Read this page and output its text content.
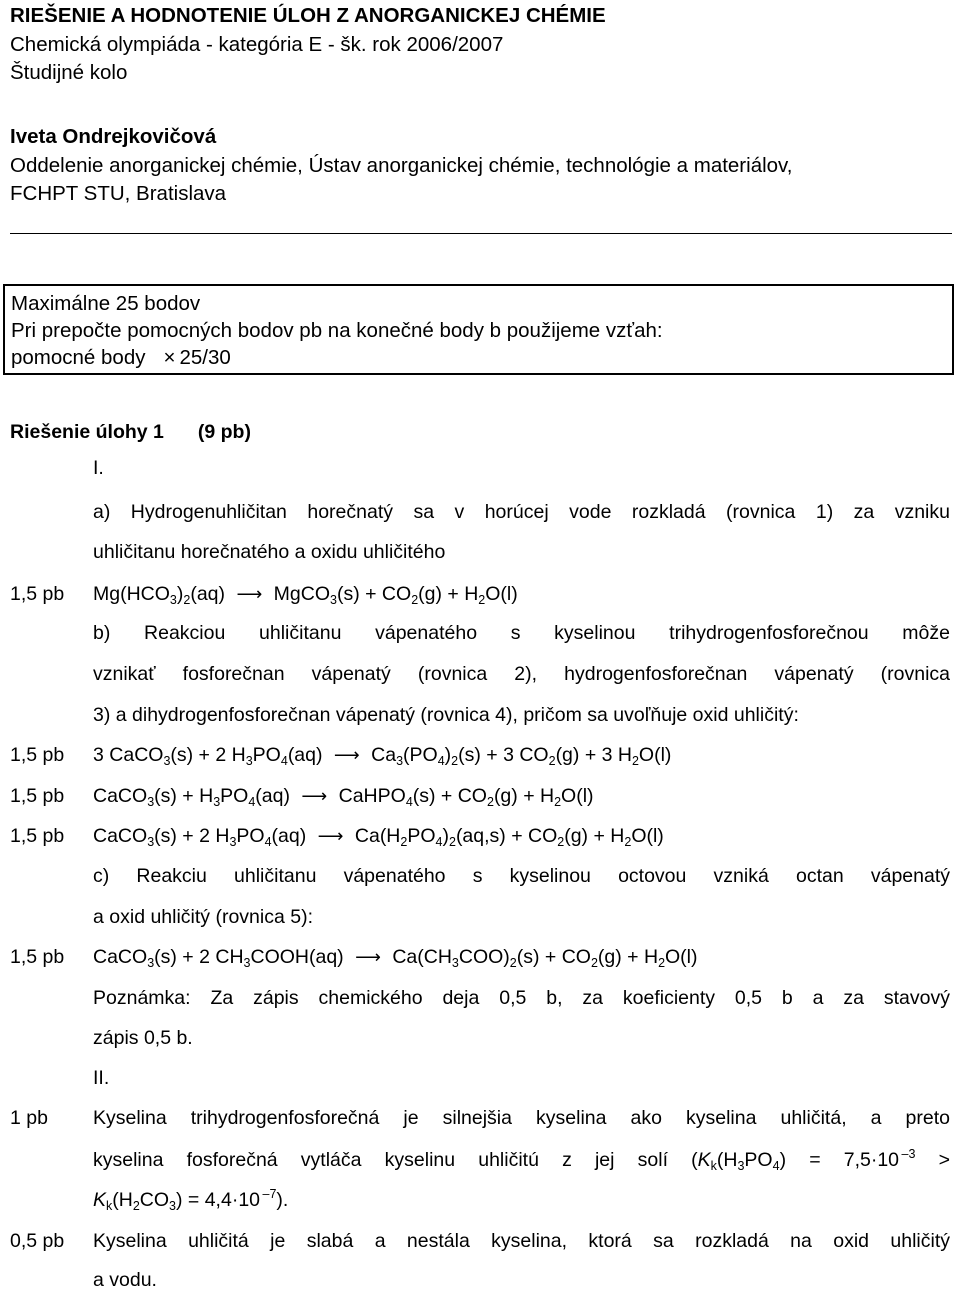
RIEŠENIE A HODNOTENIE ÚLOH Z ANORGANICKEJ CHÉMIE
Chemická olympiáda - kategória E - šk. rok 2006/2007
Študijné kolo
Iveta Ondrejkovičová
Oddelenie anorganickej chémie, Ústav anorganickej chémie, technológie a materiálov,
FCHPT STU, Bratislava
Maximálne 25 bodov
Pri prepočte pomocných bodov pb na konečné body b použijeme vzťah:
pomocné body × 25/30
Riešenie úlohy 1 (9 pb)
I.
a) Hydrogenuhličitan horečnatý sa v horúcej vode rozkladá (rovnica 1) za vzniku
uhličitanu horečnatého a oxidu uhličitého
1,5 pb $Mg(HCO_3)_2(aq)$ ⟶ MgCO$_3$(s) + $CO_2(g) + H_2O(l)$
b) Reakciou uhličitanu vápenatého s kyselinou trihydrogenfosforečnou môže
vznikať fosforečnan vápenatý (rovnica 2), hydrogenfosforečnan vápenatý (rovnica
3) a dihydrogenfosforečnan vápenatý (rovnica 4), pričom sa uvoľňuje oxid uhličitý:
1,5 pb 3 CaCO$_3$(s) + 2 $H_3PO_4(aq)$ ⟶ $Ca_3(PO_4)_2(s) + 3$ $CO_2(g) + 3$ $H_2O(l)$
1,5 pb CaCO$_3$(s) + $H_3PO_4(aq)$ ⟶ CaHPO$_4$(s) + $CO_2(g) + H_2O(l)$
1,5 pb CaCO$_3$(s) + 2 $H_3PO_4(aq)$ ⟶ $Ca(H_2PO_4)_2(aq,s) + CO_2(g) + H_2O(l)$
c) Reakciu uhličitanu vápenatého s kyselinou octovou vzniká octan vápenatý
a oxid uhličitý (rovnica 5):
1,5 pb CaCO$_3$(s) + 2 $CH_3COOH(aq)$ ⟶ $Ca(CH_3COO)_2(s) + CO_2(g) + H_2O(l)$
Poznámka: Za zápis chemického deja 0,5 b, za koeficienty 0,5 b a za stavový
zápis 0,5 b.
II.
1 pb Kyselina trihydrogenfosforečná je silnejšia kyselina ako kyselina uhličitá, a preto
kyselina fosforečná vytláča kyselinu uhličitú z jej solí ($K_k(H_3PO_4) = 7,5\cdot 10$ $^{-3}$ >
$K_k(H_2CO_3) = 4,4\cdot 10$ $^{-7}$).
0,5 pb Kyselina uhličitá je slabá a nestála kyselina, ktorá sa rozkladá na oxid uhličitý
a vodu.
